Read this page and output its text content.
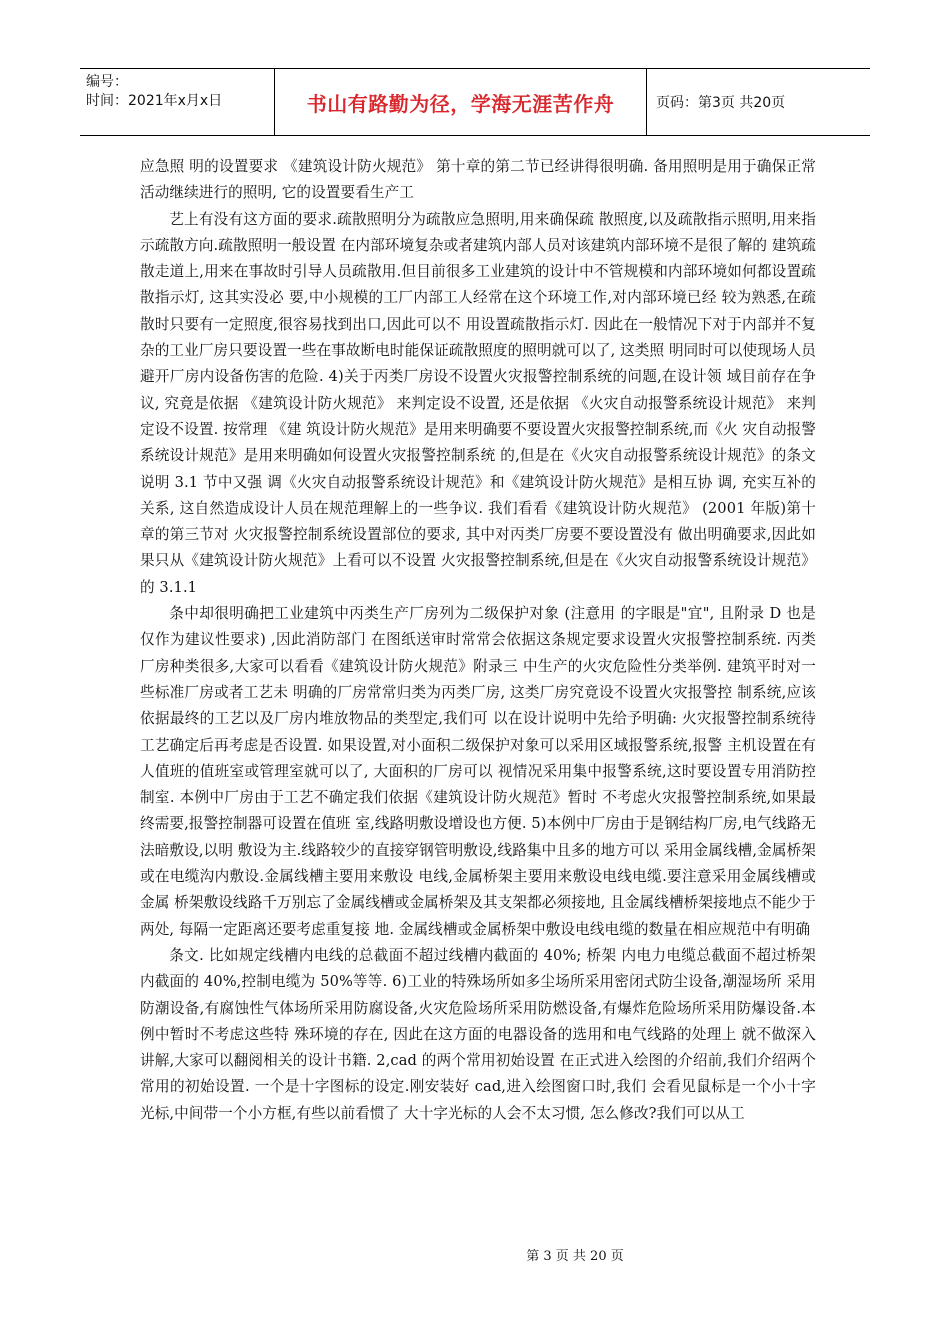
编号：
时间：2021年x月x日	书山有路勤为径，学海无涯苦作舟	页码：第3页 共20页

应急照 明的设置要求 《建筑设计防火规范》 第十章的第二节已经讲得很明确. 备用照明是用于确保正常活动继续进行的照明, 它的设置要看生产工

艺上有没有这方面的要求.疏散照明分为疏散应急照明,用来确保疏 散照度,以及疏散指示照明,用来指示疏散方向.疏散照明一般设置 在内部环境复杂或者建筑内部人员对该建筑内部环境不是很了解的 建筑疏散走道上,用来在事故时引导人员疏散用.但目前很多工业建筑的设计中不管规模和内部环境如何都设置疏散指示灯, 这其实没必 要,中小规模的工厂内部工人经常在这个环境工作,对内部环境已经 较为熟悉,在疏散时只要有一定照度,很容易找到出口,因此可以不 用设置疏散指示灯. 因此在一般情况下对于内部并不复杂的工业厂房只要设置一些在事故断电时能保证疏散照度的照明就可以了, 这类照 明同时可以使现场人员避开厂房内设备伤害的危险. 4)关于丙类厂房设不设置火灾报警控制系统的问题,在设计领 域目前存在争议, 究竟是依据 《建筑设计防火规范》 来判定设不设置, 还是依据 《火灾自动报警系统设计规范》 来判定设不设置. 按常理 《建 筑设计防火规范》是用来明确要不要设置火灾报警控制系统,而《火 灾自动报警系统设计规范》是用来明确如何设置火灾报警控制系统 的,但是在《火灾自动报警系统设计规范》的条文说明 3.1 节中又强 调《火灾自动报警系统设计规范》和《建筑设计防火规范》是相互协 调, 充实互补的关系, 这自然造成设计人员在规范理解上的一些争议. 我们看看《建筑设计防火规范》 (2001 年版)第十章的第三节对 火灾报警控制系统设置部位的要求, 其中对丙类厂房要不要设置没有 做出明确要求,因此如果只从《建筑设计防火规范》上看可以不设置 火灾报警控制系统,但是在《火灾自动报警系统设计规范》的 3.1.1

条中却很明确把工业建筑中丙类生产厂房列为二级保护对象 (注意用 的字眼是"宜", 且附录 D 也是仅作为建议性要求) ,因此消防部门 在图纸送审时常常会依据这条规定要求设置火灾报警控制系统. 丙类厂房种类很多,大家可以看看《建筑设计防火规范》附录三 中生产的火灾危险性分类举例. 建筑平时对一些标准厂房或者工艺未 明确的厂房常常归类为丙类厂房, 这类厂房究竟设不设置火灾报警控 制系统,应该依据最终的工艺以及厂房内堆放物品的类型定,我们可 以在设计说明中先给予明确: 火灾报警控制系统待工艺确定后再考虑是否设置. 如果设置,对小面积二级保护对象可以采用区域报警系统,报警 主机设置在有人值班的值班室或管理室就可以了, 大面积的厂房可以 视情况采用集中报警系统,这时要设置专用消防控制室. 本例中厂房由于工艺不确定我们依据《建筑设计防火规范》暂时 不考虑火灾报警控制系统,如果最终需要,报警控制器可设置在值班 室,线路明敷设增设也方便. 5)本例中厂房由于是钢结构厂房,电气线路无法暗敷设,以明 敷设为主.线路较少的直接穿钢管明敷设,线路集中且多的地方可以 采用金属线槽,金属桥架或在电缆沟内敷设.金属线槽主要用来敷设 电线,金属桥架主要用来敷设电线电缆.要注意采用金属线槽或金属 桥架敷设线路千万别忘了金属线槽或金属桥架及其支架都必须接地, 且金属线槽桥架接地点不能少于两处, 每隔一定距离还要考虑重复接 地. 金属线槽或金属桥架中敷设电线电缆的数量在相应规范中有明确

条文. 比如规定线槽内电线的总截面不超过线槽内截面的 40%; 桥架 内电力电缆总截面不超过桥架内截面的 40%,控制电缆为 50%等等. 6)工业的特殊场所如多尘场所采用密闭式防尘设备,潮湿场所 采用防潮设备,有腐蚀性气体场所采用防腐设备,火灾危险场所采用防燃设备,有爆炸危险场所采用防爆设备.本例中暂时不考虑这些特 殊环境的存在, 因此在这方面的电器设备的选用和电气线路的处理上 就不做深入讲解,大家可以翻阅相关的设计书籍. 2,cad 的两个常用初始设置 在正式进入绘图的介绍前,我们介绍两个常用的初始设置. 一个是十字图标的设定.刚安装好 cad,进入绘图窗口时,我们 会看见鼠标是一个小十字光标,中间带一个小方框,有些以前看惯了 大十字光标的人会不太习惯, 怎么修改?我们可以从工

第 3 页 共 20 页
